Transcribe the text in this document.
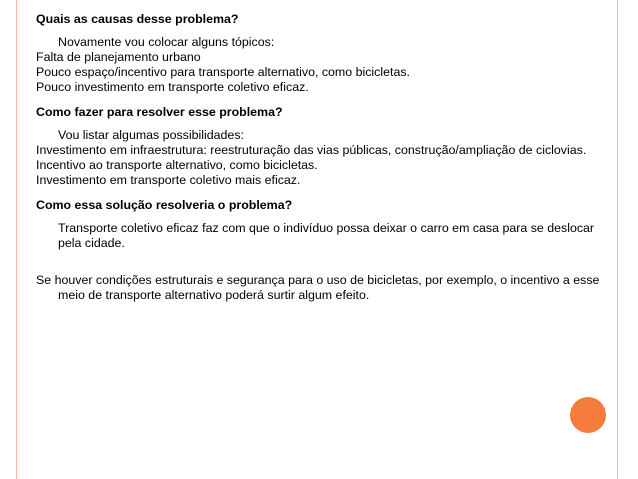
Quais as causas desse problema?
Novamente vou colocar alguns tópicos:
Falta de planejamento urbano
Pouco espaço/incentivo para transporte alternativo, como bicicletas.
Pouco investimento em transporte coletivo eficaz.
Como fazer para resolver esse problema?
Vou listar algumas possibilidades:
Investimento em infraestrutura: reestruturação das vias públicas, construção/ampliação de ciclovias.
Incentivo ao transporte alternativo, como bicicletas.
Investimento em transporte coletivo mais eficaz.
Como essa solução resolveria o problema?
Transporte coletivo eficaz faz com que o indivíduo possa deixar o carro em casa para se deslocar pela cidade.
Se houver condições estruturais e segurança para o uso de bicicletas, por exemplo, o incentivo a esse meio de transporte alternativo poderá surtir algum efeito.
